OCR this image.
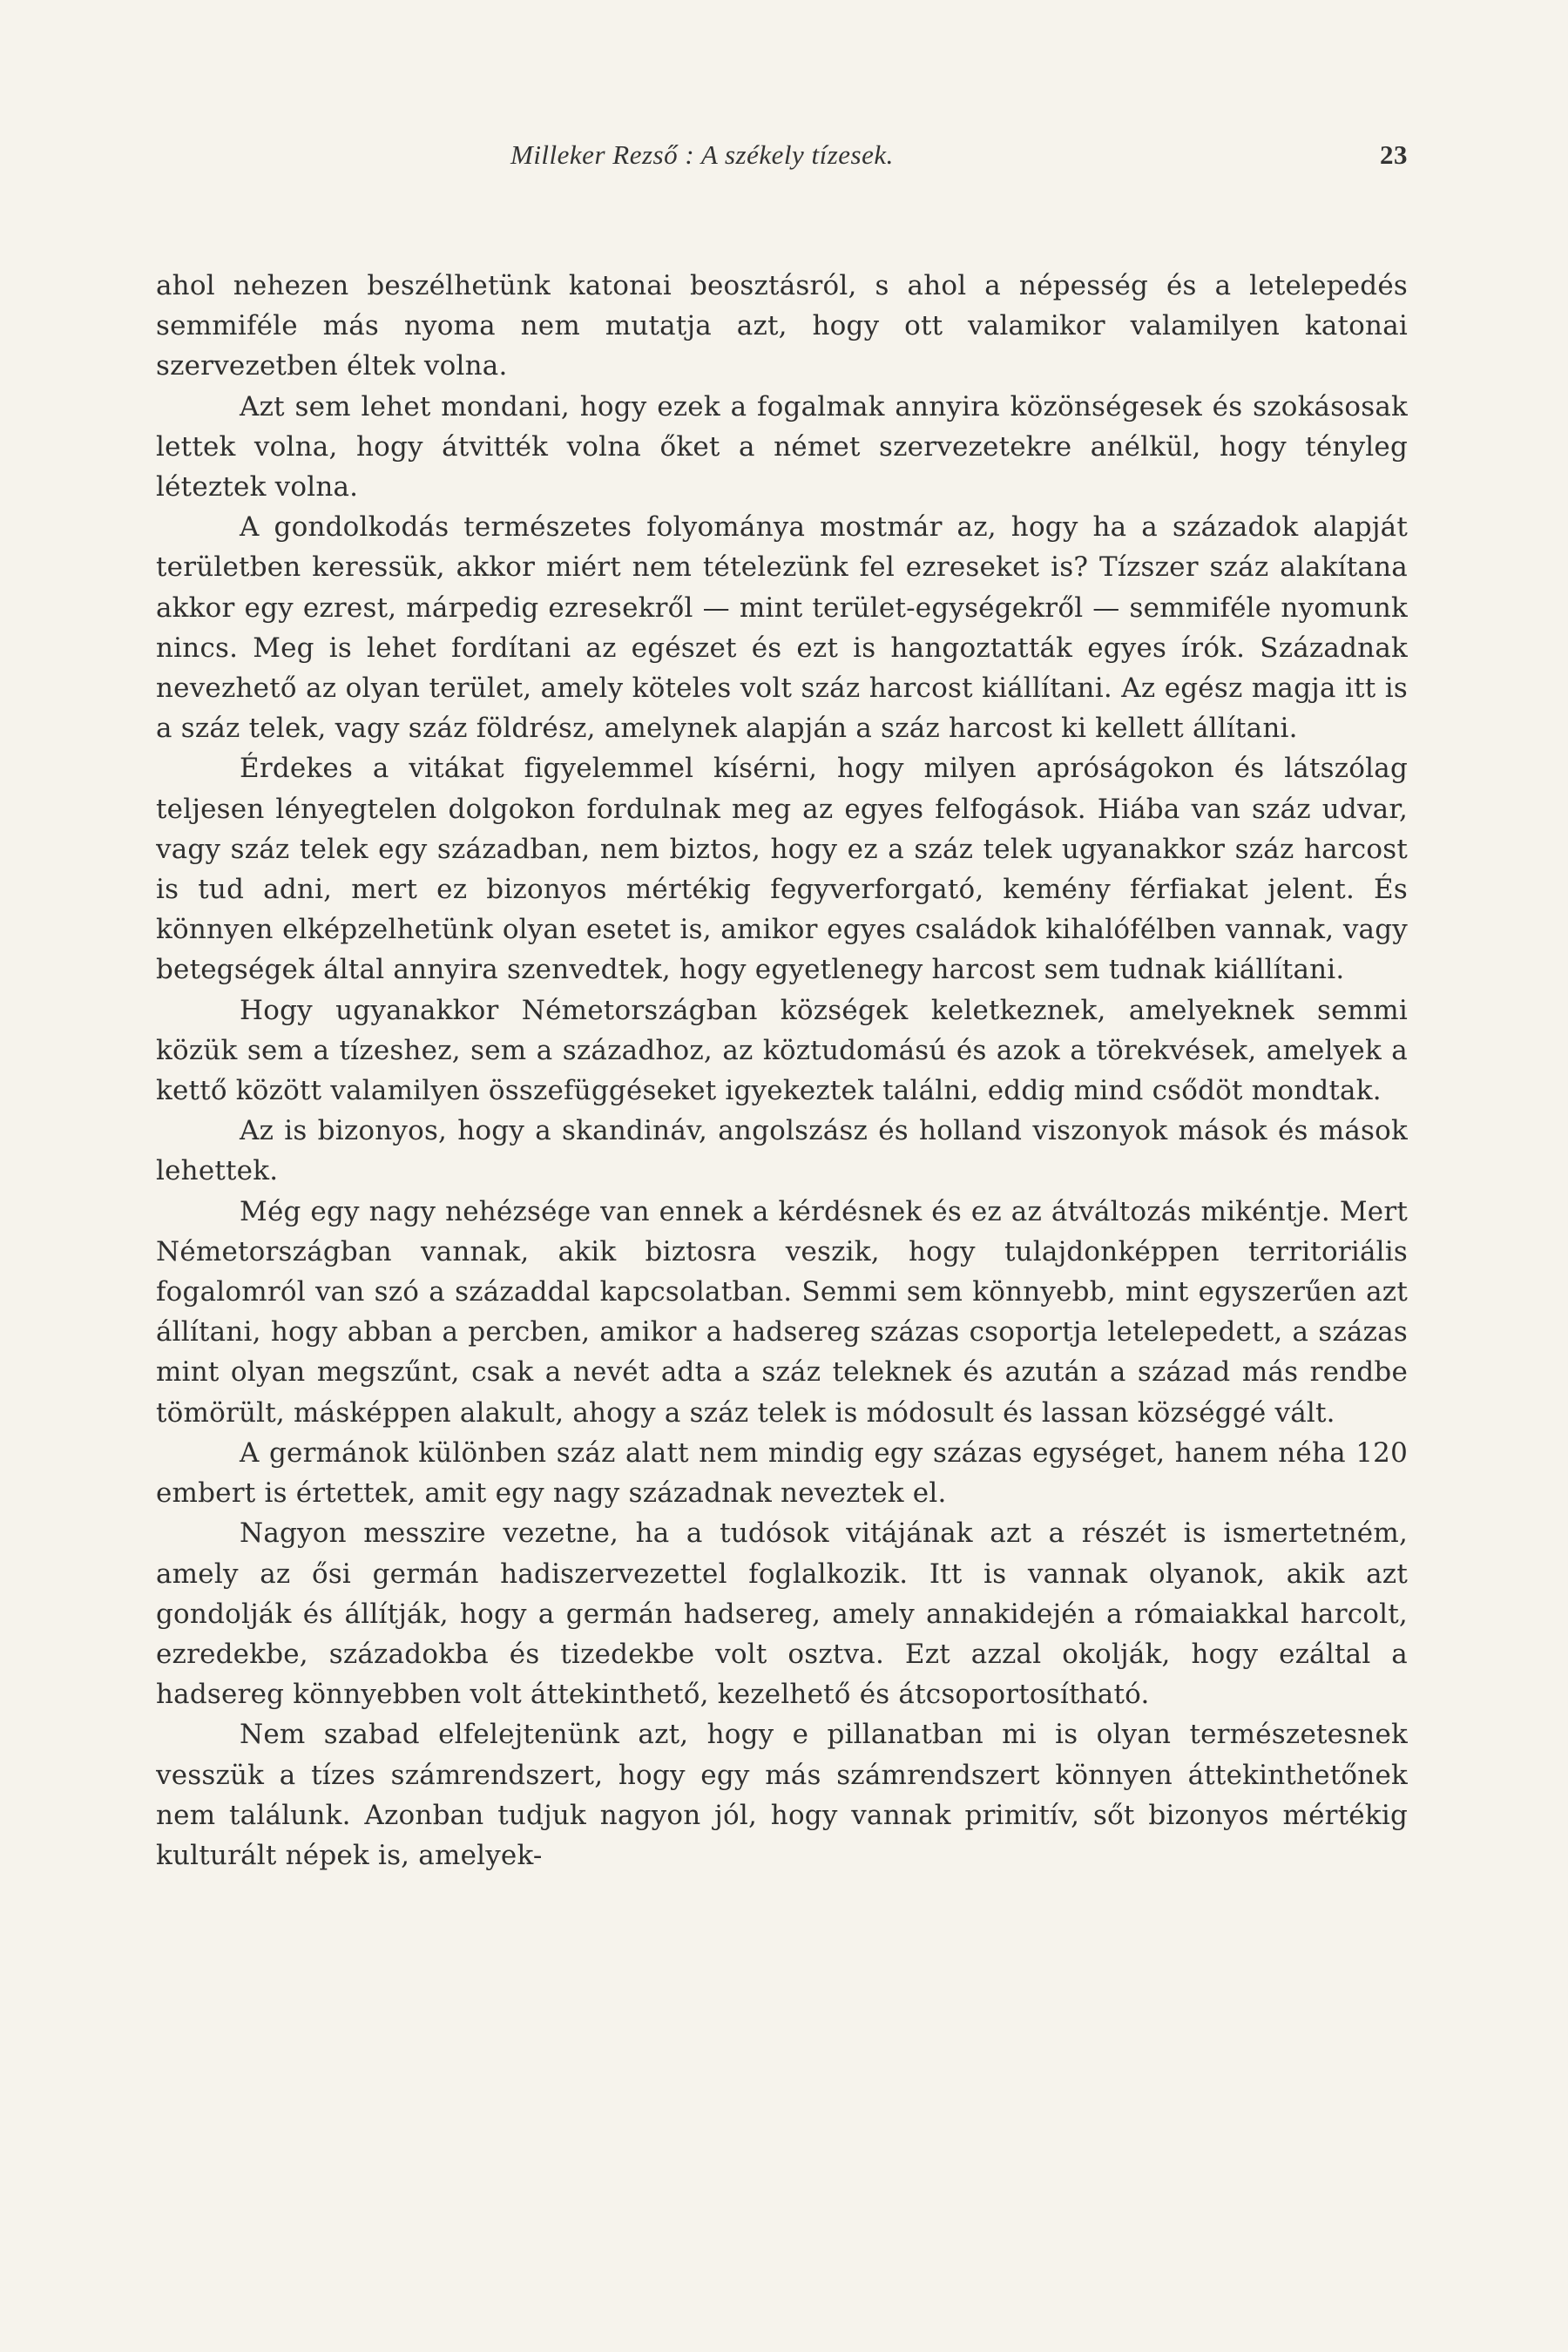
Milleker Rezső : A székely tízesek.	23

ahol nehezen beszélhetünk katonai beosztásról, s ahol a népesség és a letelepedés semmiféle más nyoma nem mutatja azt, hogy ott valamikor valamilyen katonai szervezetben éltek volna.

Azt sem lehet mondani, hogy ezek a fogalmak annyira közönségesek és szokásosak lettek volna, hogy átvitték volna őket a német szervezetekre anélkül, hogy tényleg léteztek volna.

A gondolkodás természetes folyománya mostmár az, hogy ha a századok alapját területben keressük, akkor miért nem tételezünk fel ezreseket is? Tízszer száz alakítana akkor egy ezrest, márpedig ezresekről — mint terület-egységekről — semmiféle nyomunk nincs. Meg is lehet fordítani az egészet és ezt is hangoztatták egyes írók. Századnak nevezhető az olyan terület, amely köteles volt száz harcost kiállítani. Az egész magja itt is a száz telek, vagy száz földrész, amelynek alapján a száz harcost ki kellett állítani.

Érdekes a vitákat figyelemmel kísérni, hogy milyen apróságokon és látszólag teljesen lényegtelen dolgokon fordulnak meg az egyes felfogások. Hiába van száz udvar, vagy száz telek egy században, nem biztos, hogy ez a száz telek ugyanakkor száz harcost is tud adni, mert ez bizonyos mértékig fegyverforgató, kemény férfiakat jelent. És könnyen elképzelhetünk olyan esetet is, amikor egyes családok kihalófélben vannak, vagy betegségek által annyira szenvedtek, hogy egyetlenegy harcost sem tudnak kiállítani.

Hogy ugyanakkor Németországban községek keletkeznek, amelyeknek semmi közük sem a tízeshez, sem a századhoz, az köztudomású és azok a törekvések, amelyek a kettő között valamilyen összefüggéseket igyekeztek találni, eddig mind csődöt mondtak.

Az is bizonyos, hogy a skandináv, angolszász és holland viszonyok mások és mások lehettek.

Még egy nagy nehézsége van ennek a kérdésnek és ez az átváltozás mikéntje. Mert Németországban vannak, akik biztosra veszik, hogy tulajdonképpen territoriális fogalomról van szó a századdal kapcsolatban. Semmi sem könnyebb, mint egyszerűen azt állítani, hogy abban a percben, amikor a hadsereg százas csoportja letelepedett, a százas mint olyan megszűnt, csak a nevét adta a száz teleknek és azután a század más rendbe tömörült, másképpen alakult, ahogy a száz telek is módosult és lassan községgé vált.

A germánok különben száz alatt nem mindig egy százas egységet, hanem néha 120 embert is értettek, amit egy nagy századnak neveztek el.

Nagyon messzire vezetne, ha a tudósok vitájának azt a részét is ismertetném, amely az ősi germán hadiszervezettel foglalkozik. Itt is vannak olyanok, akik azt gondolják és állítják, hogy a germán hadsereg, amely annakidején a rómaiakkal harcolt, ezredekbe, századokba és tizedekbe volt osztva. Ezt azzal okolják, hogy ezáltal a hadsereg könnyebben volt áttekinthető, kezelhető és átcsoportosítható.

Nem szabad elfelejtenünk azt, hogy e pillanatban mi is olyan természetesnek vesszük a tízes számrendszert, hogy egy más számrendszert könnyen áttekinthetőnek nem találunk. Azonban tudjuk nagyon jól, hogy vannak primitív, sőt bizonyos mértékig kulturált népek is, amelyek-
